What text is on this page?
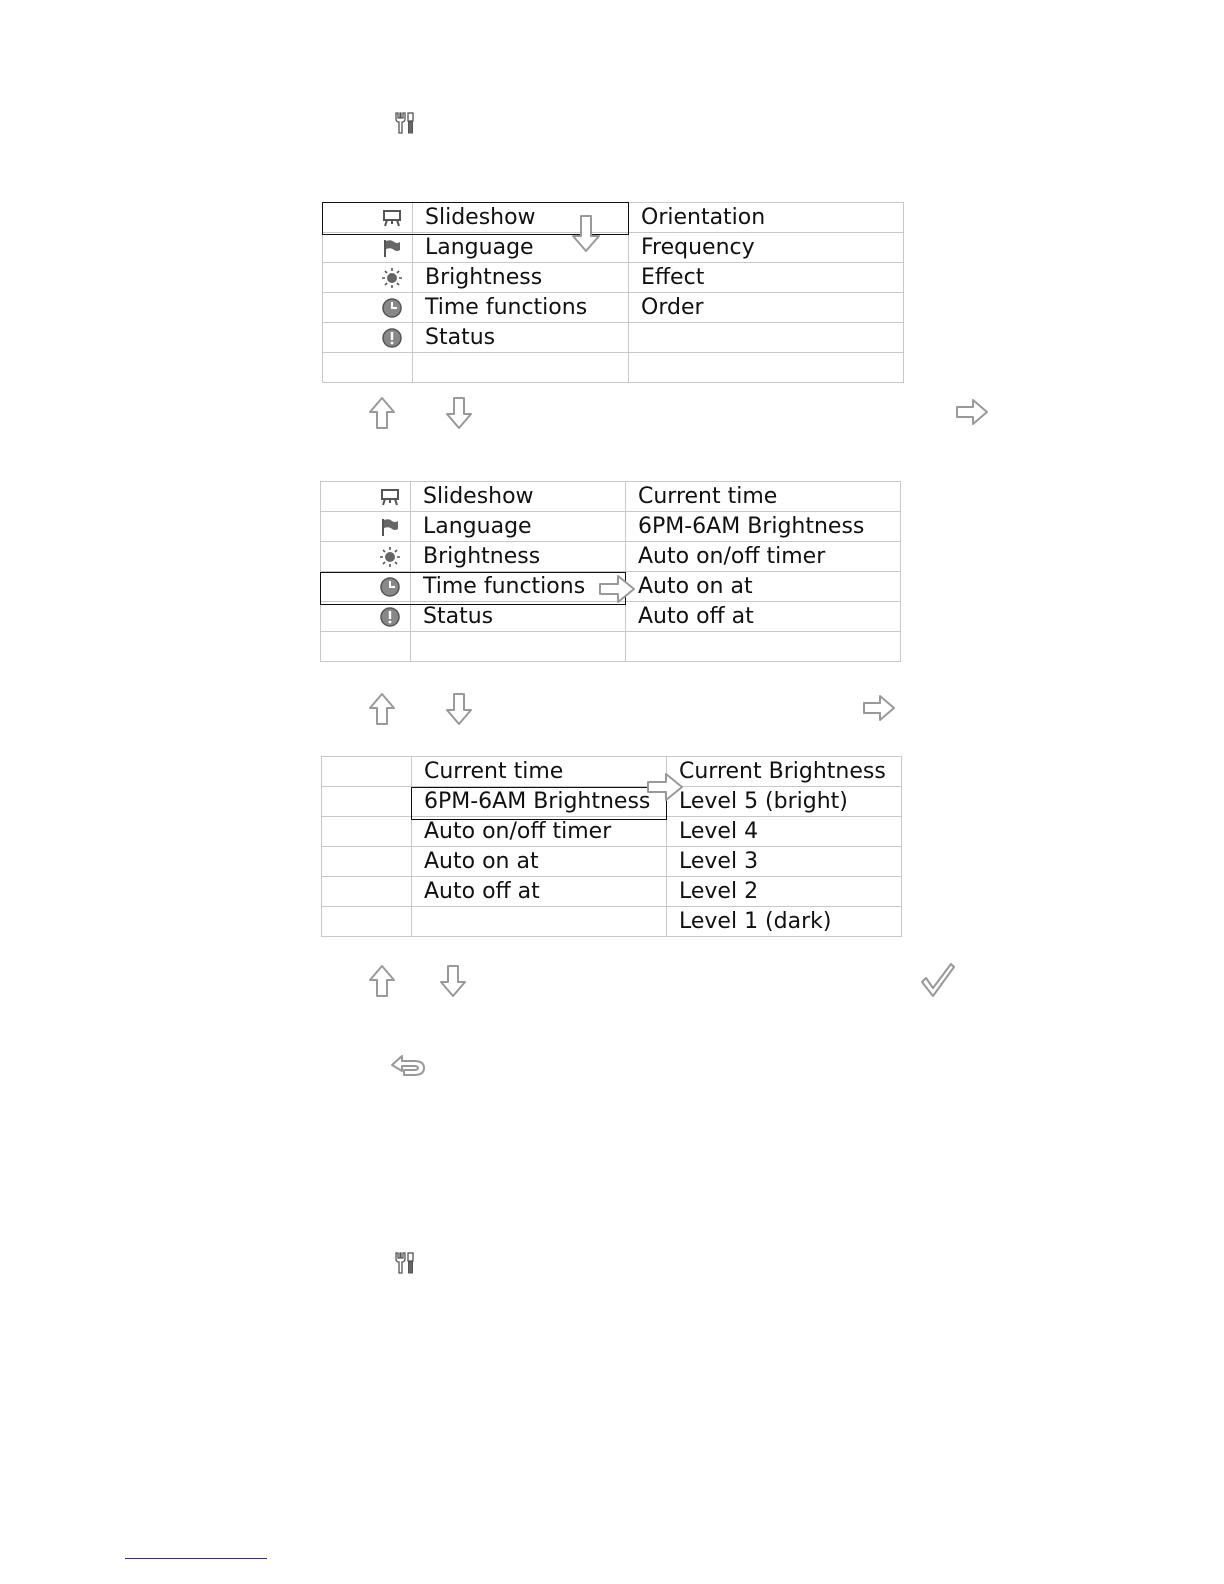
	Slideshow	Orientation
	Language	Frequency
	Brightness	Effect
	Time functions	Order
	Status	

	Slideshow	Current time
	Language	6PM-6AM Brightness
	Brightness	Auto on/off timer
	Time functions	Auto on at
	Status	Auto off at

	Current time	Current Brightness
	6PM-6AM Brightness	Level 5 (bright)
	Auto on/off timer	Level 4
	Auto on at	Level 3
	Auto off at	Level 2
		Level 1 (dark)
